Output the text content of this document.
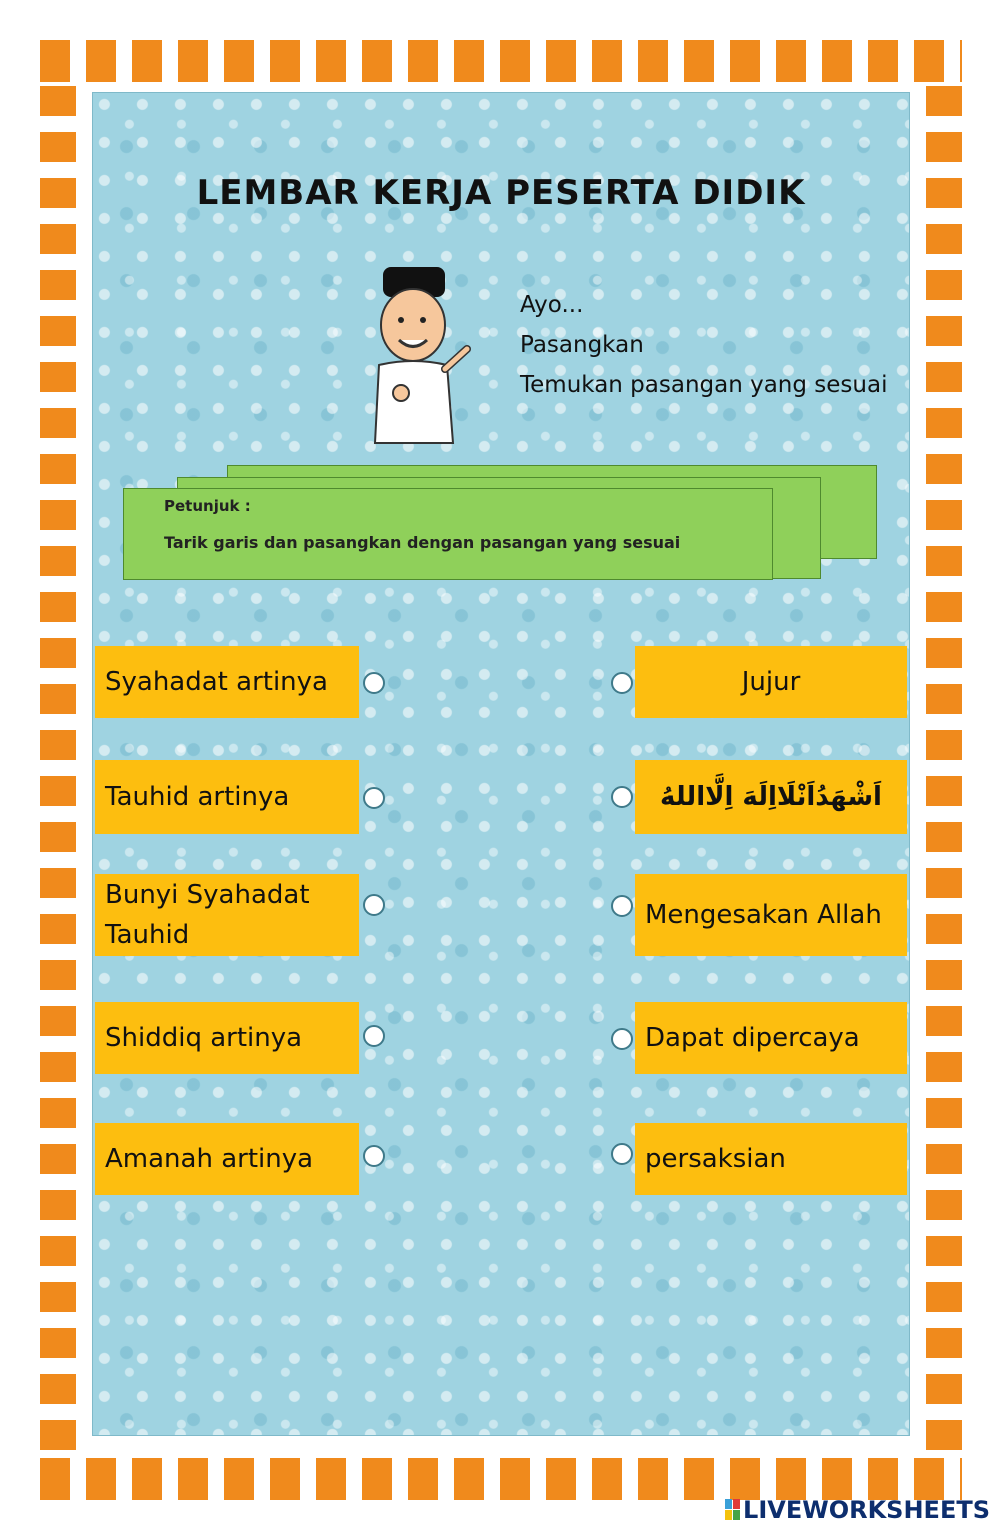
LEMBAR KERJA PESERTA DIDIK
Ayo...
Pasangkan
Temukan pasangan yang sesuai
Petunjuk :
Tarik garis dan pasangkan dengan pasangan yang sesuai
Syahadat artinya
Tauhid artinya
Bunyi Syahadat Tauhid
Shiddiq artinya
Amanah artinya
Jujur
اَشْهَدُاَنْلَااِلَهَ اِلَّااللهُ
Mengesakan Allah
Dapat dipercaya
persaksian
LIVEWORKSHEETS
